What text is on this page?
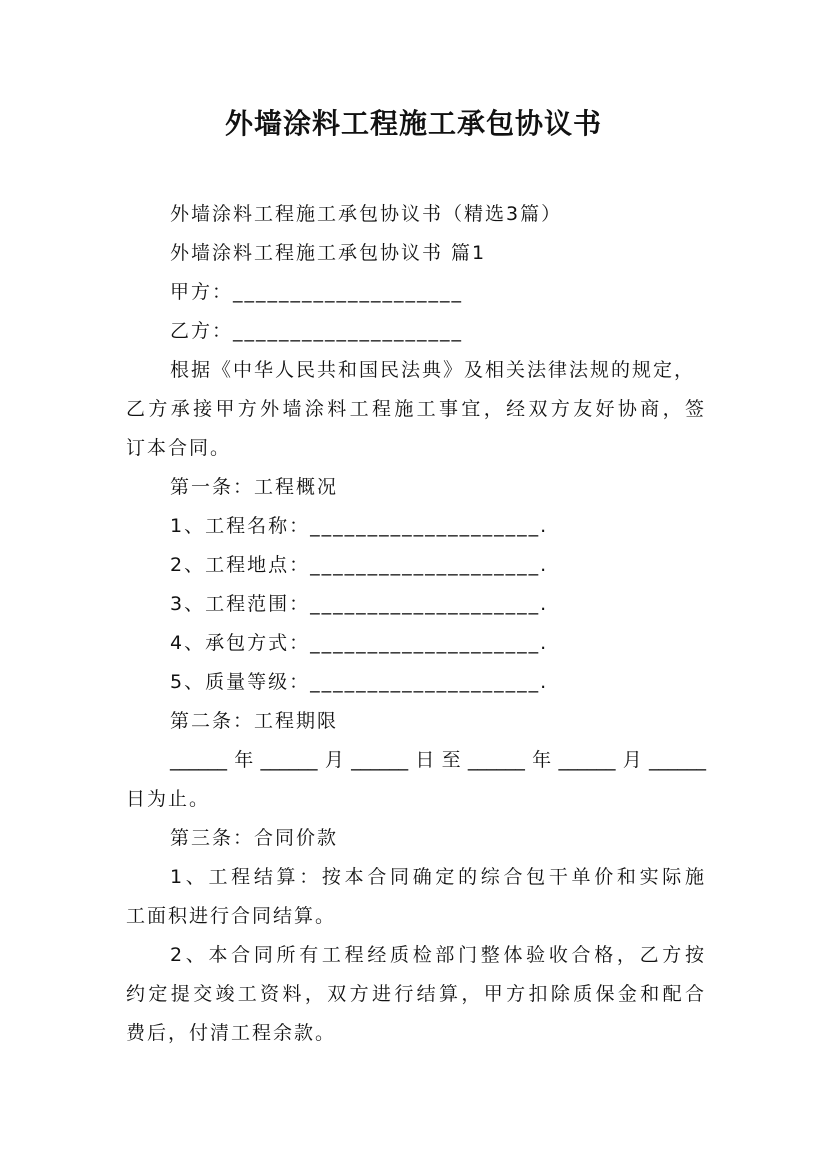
外墙涂料工程施工承包协议书
外墙涂料工程施工承包协议书（精选3篇）
外墙涂料工程施工承包协议书 篇1
甲方：____________________
乙方：____________________
根据《中华人民共和国民法典》及相关法律法规的规定，
乙方承接甲方外墙涂料工程施工事宜，经双方友好协商，签
订本合同。
第一条：工程概况
1、工程名称：____________________.
2、工程地点：____________________.
3、工程范围：____________________.
4、承包方式：____________________.
5、质量等级：____________________.
第二条：工程期限
______年______月______日至______年______月______
日为止。
第三条：合同价款
1、工程结算：按本合同确定的综合包干单价和实际施
工面积进行合同结算。
2、本合同所有工程经质检部门整体验收合格，乙方按
约定提交竣工资料，双方进行结算，甲方扣除质保金和配合
费后，付清工程余款。
